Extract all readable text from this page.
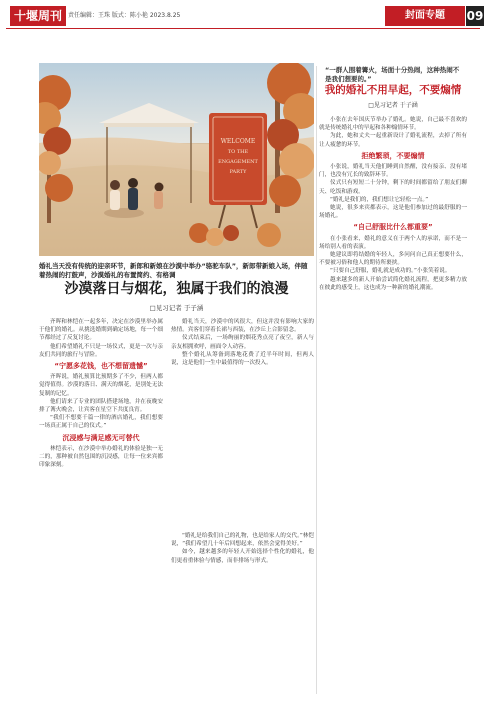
十堰周刊 责任编辑：王珠 版式：陈小艳 2023.8.25	封面专题	09
WELCOME
TO THE
ENGAGEMENT
PARTY
婚礼当天没有传统的迎亲环节，新郎和新娘在沙漠中举办“骆驼车队”，新郎带新娘入场，伴随着热闹的打鼓声，沙漠婚礼的布置简约、有格调
沙漠落日与烟花，独属于我们的浪漫
□见习记者 于子涵

齐晖和林恺在一起多年，决定在沙漠里举办属于他们的婚礼。从挑选婚期到确定场地，每一个细节都经过了反复讨论。

他们希望婚礼不只是一场仪式，更是一次与亲友们共同的旅行与冒险。

“宁愿多花钱，也不想留遗憾”

齐晖说，婚礼预算比预期多了不少，但两人都觉得值得。沙漠的落日、满天的烟花，是别处无法复制的记忆。

他们请来了专业的团队搭建场地，并在夜晚安排了篝火晚会，让宾客在星空下共度良宵。

“我们不想要千篇一律的酒店婚礼，我们想要一场真正属于自己的仪式。”

沉浸感与满足感无可替代

林恺表示，在沙漠中举办婚礼的体验是独一无二的，那种被自然包围的沉浸感，让每一位来宾都印象深刻。

婚礼当天，沙漠中的风很大，但这并没有影响大家的热情。宾客们穿着长裙与西装，在沙丘上合影留念。

仪式结束后，一场绚丽的烟花秀点亮了夜空，新人与亲友相拥欢呼，画面令人动容。

整个婚礼从筹备到落地花费了近半年时间，但两人说，这是他们一生中最值得的一次投入。

“婚礼是给我们自己的礼物，也是给家人的交代。”林恺说，“我们希望几十年后回想起来，依然会觉得美好。”

如今，越来越多的年轻人开始选择个性化的婚礼，他们更看重体验与情感，而非排场与形式。

“一群人围着篝火，场面十分热闹，这种热闹不是我们想要的。”
我的婚礼不用早起，不要煽情
□见习记者 于子涵

小张在去年国庆节举办了婚礼。她说，自己最不喜欢的就是传统婚礼中的早起和各种煽情环节。

为此，她和丈夫一起重新设计了婚礼流程，去掉了所有让人疲惫的环节。

拒绝繁琐，不要煽情

小张说，婚礼当天他们睡到自然醒，没有接亲、没有堵门，也没有冗长的致辞环节。

仪式只有短短二十分钟，剩下的时间都留给了朋友们聊天、吃饭和游戏。

“婚礼是我们的，我们想让它轻松一点。”

她说，很多来宾都表示，这是他们参加过的最舒服的一场婚礼。

“自己舒服比什么都重要”

在小张看来，婚礼的意义在于两个人的承诺，而不是一场给别人看的表演。

她建议即将结婚的年轻人，多问问自己真正想要什么，不要被习俗和他人的期待所裹挟。

“只要自己舒服，婚礼就是成功的。”小张笑着说。

越来越多的新人开始尝试简化婚礼流程，把更多精力放在彼此的感受上，这也成为一种新的婚礼潮流。
